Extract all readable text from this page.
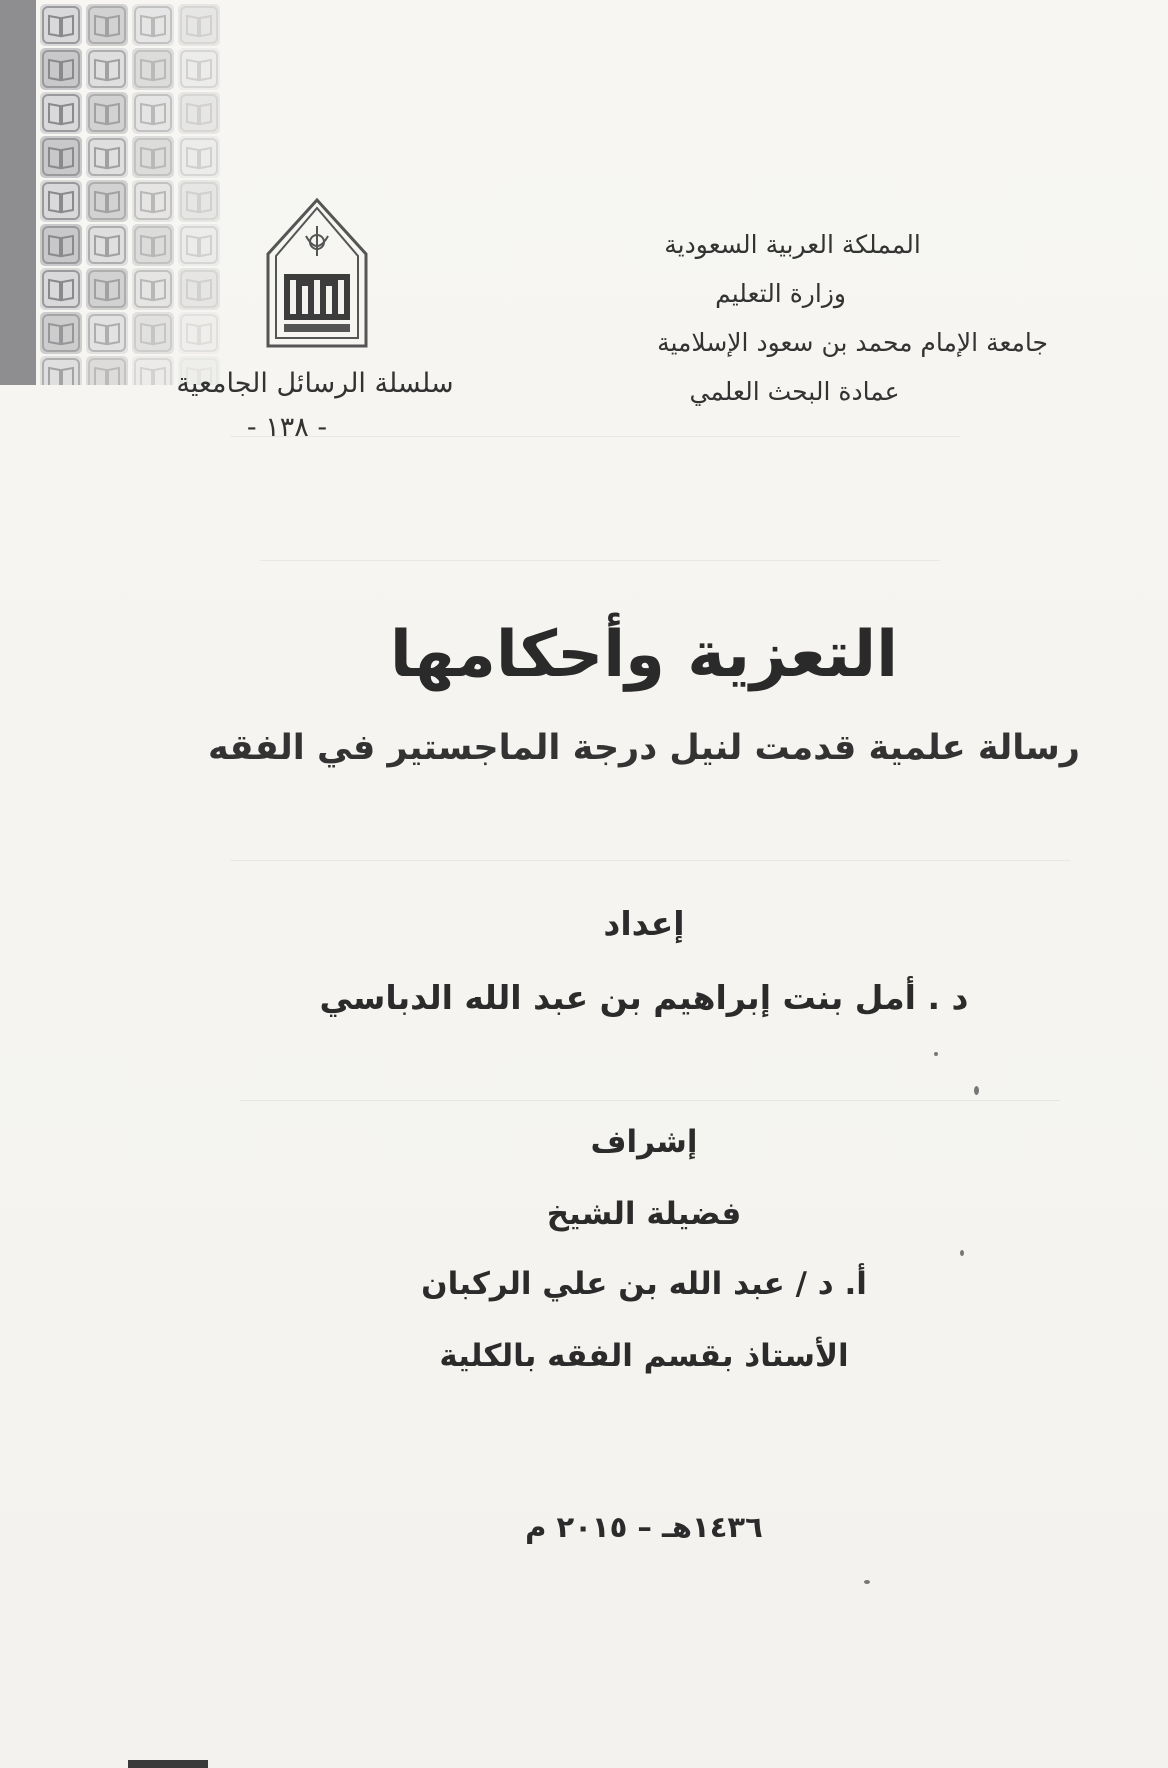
المملكة العربية السعودية
وزارة التعليم
جامعة الإمام محمد بن سعود الإسلامية
عمادة البحث العلمي
سلسلة الرسائل الجامعية
- ١٣٨ -
التعزية وأحكامها
رسالة علمية قدمت لنيل درجة الماجستير في الفقه
إعداد
د . أمل بنت إبراهيم بن عبد الله الدباسي
إشراف
فضيلة الشيخ
أ. د / عبد الله بن علي الركبان
الأستاذ بقسم الفقه بالكلية
١٤٣٦هـ – ٢٠١٥ م
